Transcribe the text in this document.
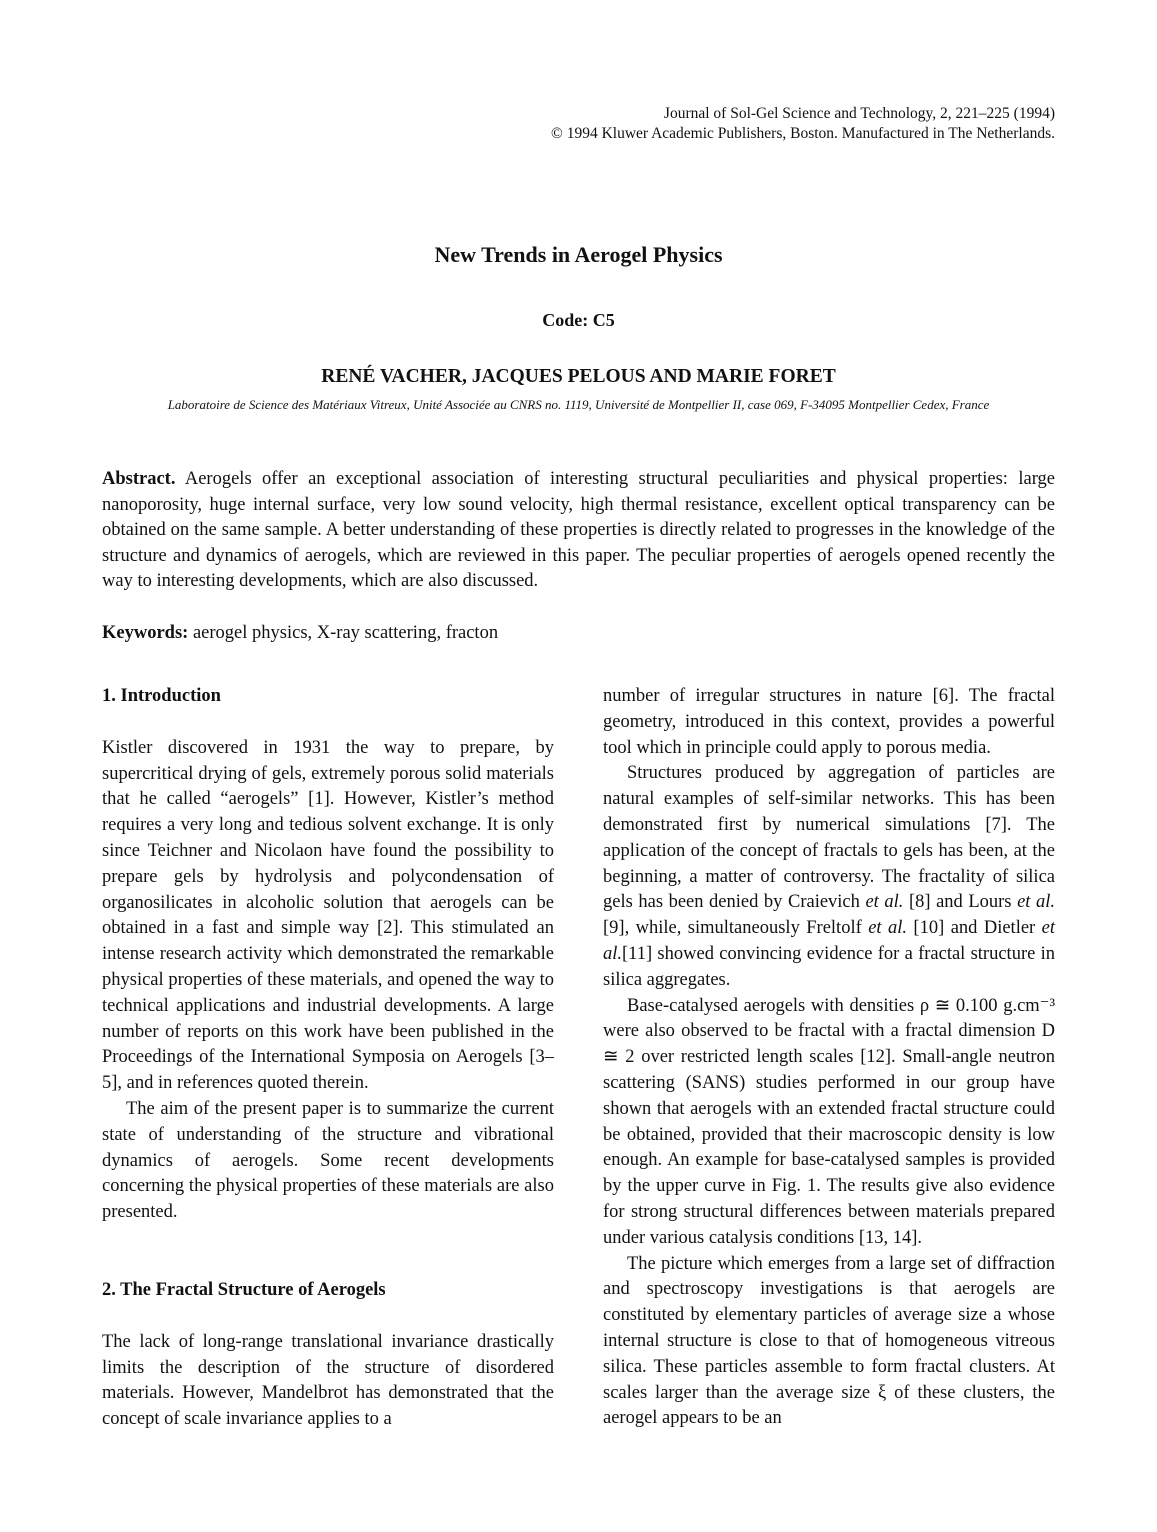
Journal of Sol-Gel Science and Technology, 2, 221–225 (1994)
© 1994 Kluwer Academic Publishers, Boston. Manufactured in The Netherlands.
New Trends in Aerogel Physics
Code: C5
RENÉ VACHER, JACQUES PELOUS AND MARIE FORET
Laboratoire de Science des Matériaux Vitreux, Unité Associée au CNRS no. 1119, Université de Montpellier II, case 069, F-34095 Montpellier Cedex, France
Abstract. Aerogels offer an exceptional association of interesting structural peculiarities and physical properties: large nanoporosity, huge internal surface, very low sound velocity, high thermal resistance, excellent optical transparency can be obtained on the same sample. A better understanding of these properties is directly related to progresses in the knowledge of the structure and dynamics of aerogels, which are reviewed in this paper. The peculiar properties of aerogels opened recently the way to interesting developments, which are also discussed.
Keywords: aerogel physics, X-ray scattering, fracton

1. Introduction

Kistler discovered in 1931 the way to prepare, by supercritical drying of gels, extremely porous solid materials that he called “aerogels” [1]. However, Kistler’s method requires a very long and tedious solvent exchange. It is only since Teichner and Nicolaon have found the possibility to prepare gels by hydrolysis and polycondensation of organosilicates in alcoholic solution that aerogels can be obtained in a fast and simple way [2]. This stimulated an intense research activity which demonstrated the remarkable physical properties of these materials, and opened the way to technical applications and industrial developments. A large number of reports on this work have been published in the Proceedings of the International Symposia on Aerogels [3–5], and in references quoted therein.

The aim of the present paper is to summarize the current state of understanding of the structure and vibrational dynamics of aerogels. Some recent developments concerning the physical properties of these materials are also presented.

2. The Fractal Structure of Aerogels

The lack of long-range translational invariance drastically limits the description of the structure of disordered materials. However, Mandelbrot has demonstrated that the concept of scale invariance applies to a

number of irregular structures in nature [6]. The fractal geometry, introduced in this context, provides a powerful tool which in principle could apply to porous media.

Structures produced by aggregation of particles are natural examples of self-similar networks. This has been demonstrated first by numerical simulations [7]. The application of the concept of fractals to gels has been, at the beginning, a matter of controversy. The fractality of silica gels has been denied by Craievich et al. [8] and Lours et al. [9], while, simultaneously Freltolf et al. [10] and Dietler et al.[11] showed convincing evidence for a fractal structure in silica aggregates.

Base-catalysed aerogels with densities ρ ≅ 0.100 g.cm⁻³ were also observed to be fractal with a fractal dimension D ≅ 2 over restricted length scales [12]. Small-angle neutron scattering (SANS) studies performed in our group have shown that aerogels with an extended fractal structure could be obtained, provided that their macroscopic density is low enough. An example for base-catalysed samples is provided by the upper curve in Fig. 1. The results give also evidence for strong structural differences between materials prepared under various catalysis conditions [13, 14].

The picture which emerges from a large set of diffraction and spectroscopy investigations is that aerogels are constituted by elementary particles of average size a whose internal structure is close to that of homogeneous vitreous silica. These particles assemble to form fractal clusters. At scales larger than the average size ξ of these clusters, the aerogel appears to be an
